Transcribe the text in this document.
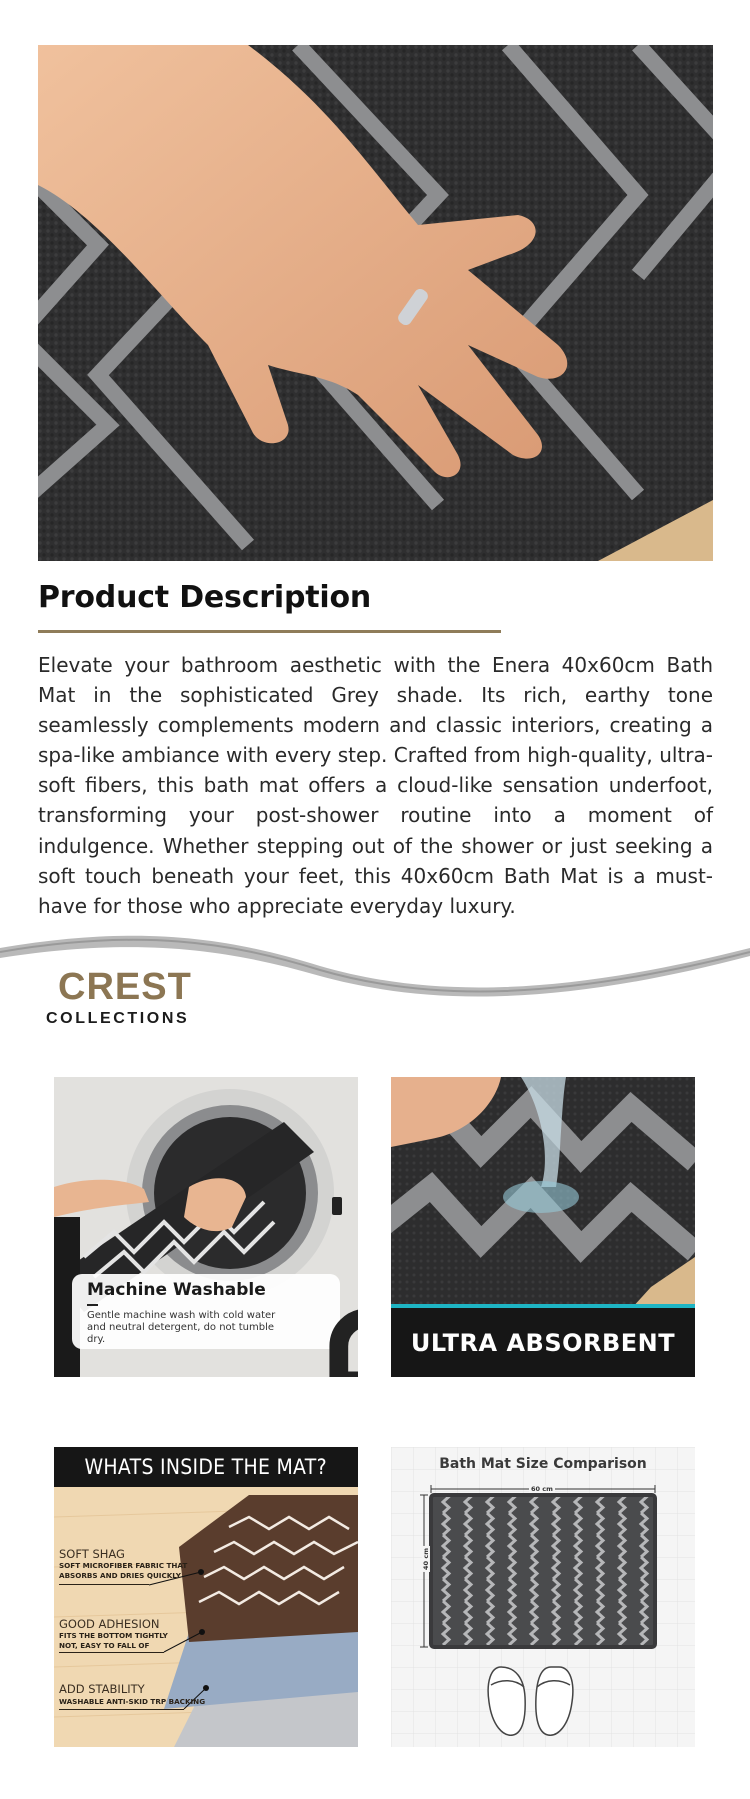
Product Description

Elevate your bathroom aesthetic with the Enera 40x60cm Bath Mat in the sophisticated Grey shade. Its rich, earthy tone seamlessly complements modern and classic interiors, creating a spa-like ambiance with every step. Crafted from high-quality, ultra-soft fibers, this bath mat offers a cloud-like sensation underfoot, transforming your post-shower routine into a moment of indulgence. Whether stepping out of the shower or just seeking a soft touch beneath your feet, this 40x60cm Bath Mat is a must-have for those who appreciate everyday luxury.

CREST
COLLECTIONS
Machine Washable
Gentle machine wash with cold water and neutral detergent, do not tumble dry.	ULTRA ABSORBENT
WHATS INSIDE THE MAT?
SOFT SHAG
SOFT MICROFIBER FABRIC THAT ABSORBS AND DRIES QUICKLY
GOOD ADHESION
FITS THE BOTTOM TIGHTLY NOT, EASY TO FALL OF
ADD STABILITY
WASHABLE ANTI-SKID TRP BACKING
Bath Mat Size Comparison
60 cm
40 cm
